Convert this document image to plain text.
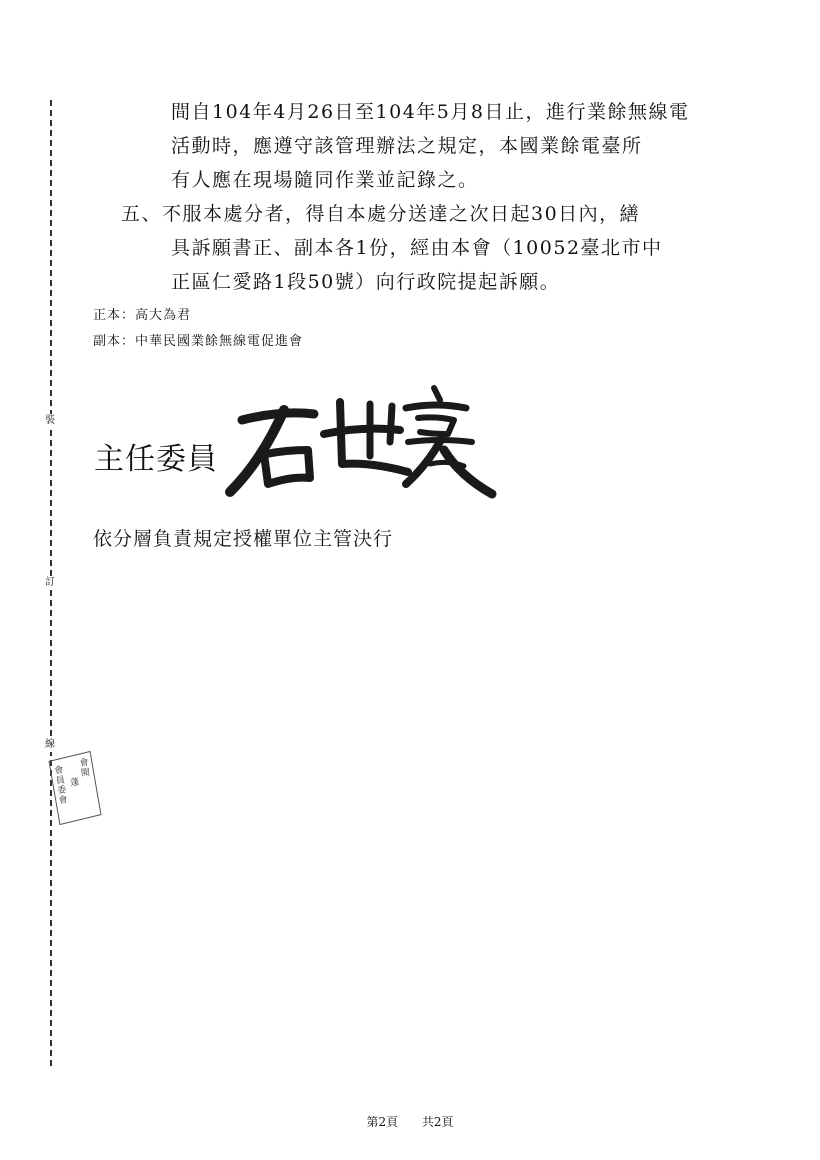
裝
訂
線
會員委會
蓬
會閱
間自104年4月26日至104年5月8日止，進行業餘無線電
活動時，應遵守該管理辦法之規定，本國業餘電臺所
有人應在現場隨同作業並記錄之。
五、不服本處分者，得自本處分送達之次日起30日內，繕
具訴願書正、副本各1份，經由本會（10052臺北市中
正區仁愛路1段50號）向行政院提起訴願。
正本：高大為君
副本：中華民國業餘無線電促進會
主任委員
依分層負責規定授權單位主管決行
第2頁 共2頁
